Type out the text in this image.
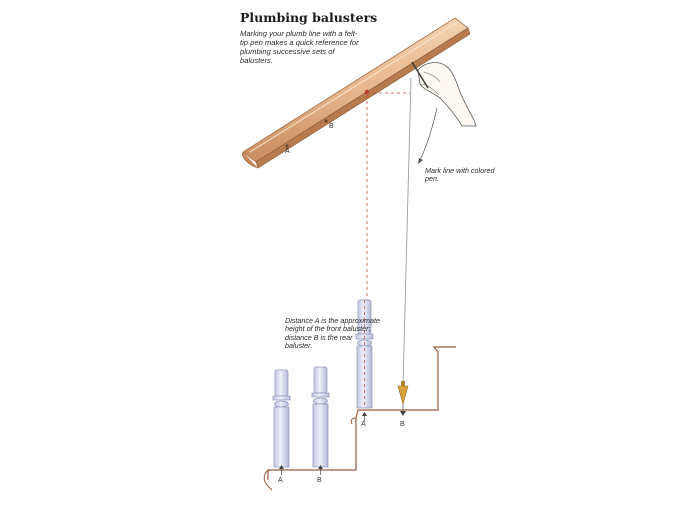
Plumbing balusters
Marking your plumb line with a felt-tip pen makes a quick reference for plumbing successive sets of balusters.
Mark line with colored pen.
Distance A is the approximate height of the front baluster; distance B is the rear baluster.
A
B
A	B
A	B
